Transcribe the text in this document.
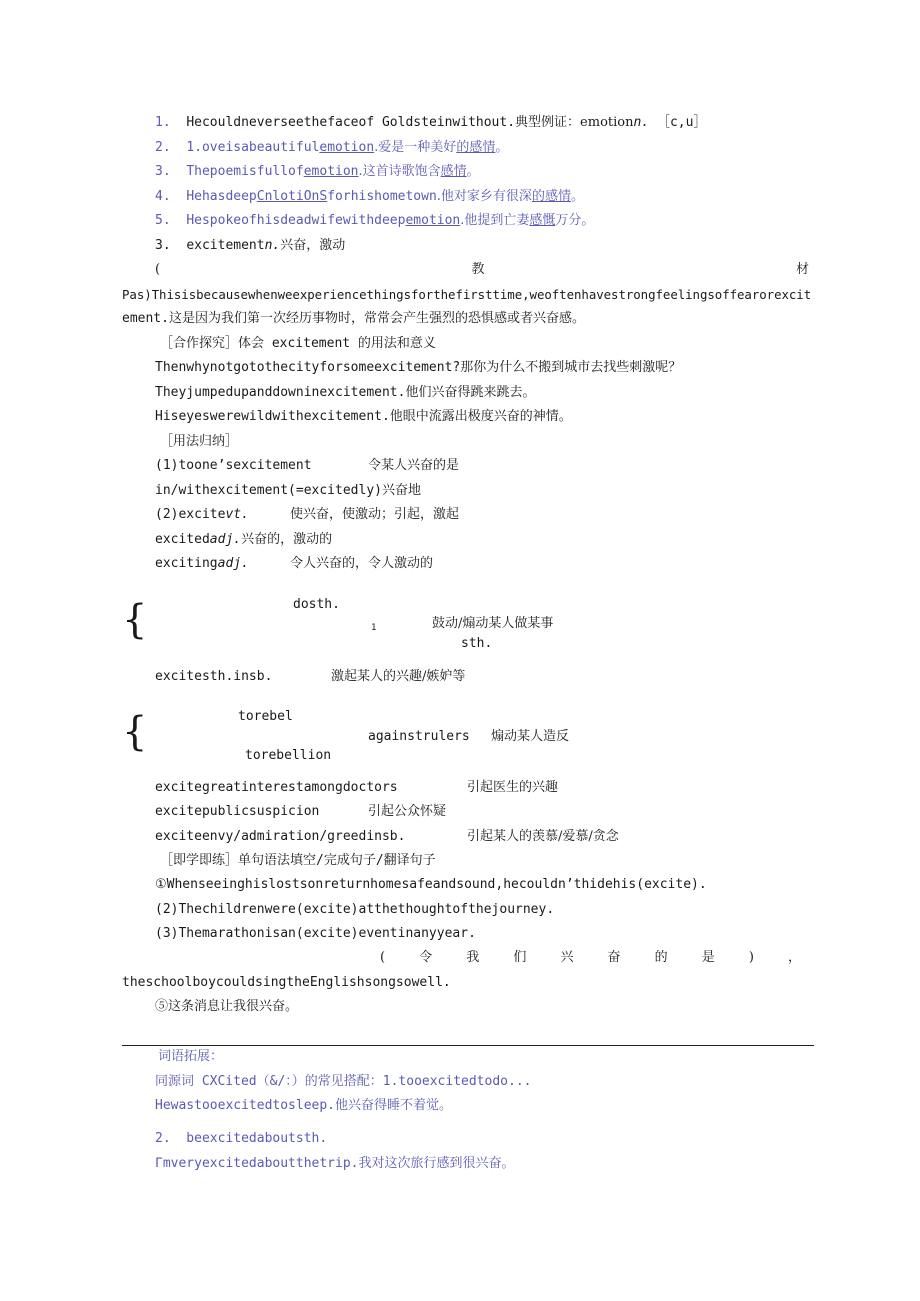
1. Hecouldneverseethefaceof Goldsteinwithout.典型例证：emotionn. ［c,u］
2. 1.oveisabeautifulemotion.爱是一种美好的感情。
3. Thepoemisfullofemotion.这首诗歌饱含感情。
4. HehasdeepCnlotiOnSforhishometown.他对家乡有很深的感情。
5. Hespokeofhisdeadwifewithdeepemotion.他提到亡妻感慨万分。
3. excitementn.兴奋，激动
(	教	材
Pas)Thisisbecausewhenweexperiencethingsforthefirsttime,weoftenhavestrongfeelingsoffearorexcit
ement.这是因为我们第一次经历事物时，常常会产生强烈的恐惧感或者兴奋感。
［合作探究］体会 excitement 的用法和意义
Thenwhynotgotothecityforsomeexcitement?那你为什么不搬到城市去找些刺激呢？
Theyjumpedupanddowninexcitement.他们兴奋得跳来跳去。
Hiseyeswerewildwithexcitement.他眼中流露出极度兴奋的神情。
［用法归纳］
(1)toone’sexcitement	令某人兴奋的是
in/withexcitement(=excitedly)兴奋地
(2)excitevt.	使兴奋，使激动；引起，激起
excitedadj.兴奋的，激动的
excitingadj.	令人兴奋的，令人激动的
{	dosth.
1	鼓动/煽动某人做某事
sth.
excitesth.insb.	激起某人的兴趣/嫉妒等
{	torebel
againstrulers 煽动某人造反
torebellion
excitegreatinterestamongdoctors	引起医生的兴趣
excitepublicsuspicion	引起公众怀疑
exciteenvy/admiration/greedinsb.	引起某人的羡慕/爱慕/贪念
［即学即练］单句语法填空/完成句子/翻译句子
①Whenseeinghislostsonreturnhomesafeandsound,hecouldn’thidehis(excite).
(2)Thechildrenwere(excite)atthethoughtofthejourney.
(3)Themarathonisan(excite)eventinanyyear.
(	令	我	们	兴	奋	的	是	)	，
theschoolboycouldsingtheEnglishsongsowell.
⑤这条消息让我很兴奋。
词语拓展：
同源词 CXCited（&/：）的常见搭配：1.tooexcitedtodo...
Hewastooexcitedtosleep.他兴奋得睡不着觉。
2.  beexcitedaboutsth.
Γmveryexcitedaboutthetrip.我对这次旅行感到很兴奋。
